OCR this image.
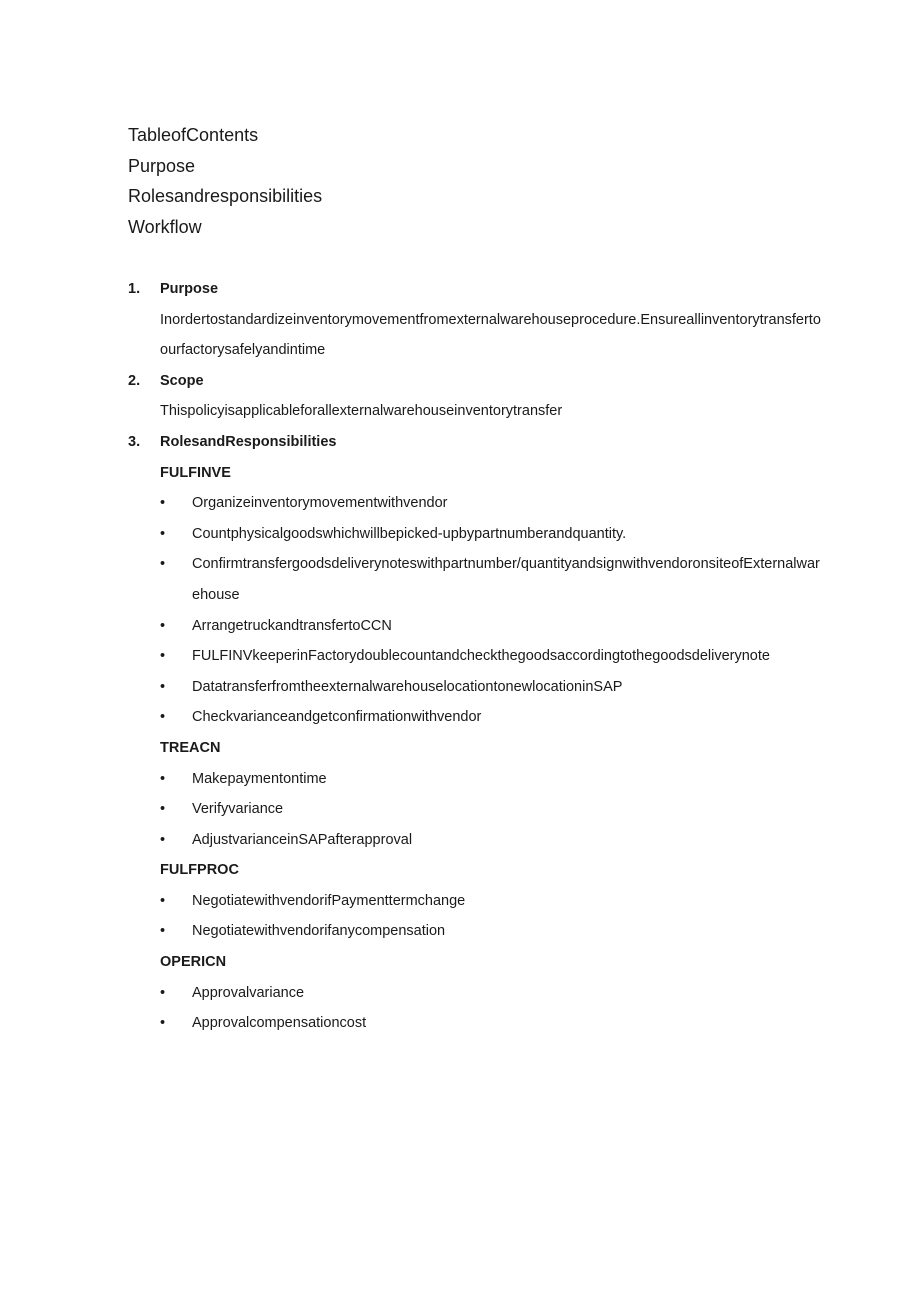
TableofContents
Purpose
Rolesandresponsibilities
Workflow
1. Purpose
Inordertostandardizeinventorymovementfromexternalwarehouseprocedure.Ensureallinventorytransferto
ourfactorysafelyandintime
2. Scope
Thispolicyisapplicableforallexternalwarehouseinventorytransfer
3. RolesandResponsibilities
FULFINVE
• Organizeinventorymovementwithvendor
• Countphysicalgoodswhichwillbepicked-upbypartnumberandquantity.
• Confirmtransfergoodsdeliverynoteswithpartnumber/quantityandsignwithvendoronsiteofExternalwar
ehouse
• ArrangetruckandtransfertoCCN
• FULFINVkeeperinFactorydoublecountandcheckthegoodsaccordingtothegoodsdeliverynote
• DatatransferfromtheexternalwarehouselocationtonewlocationinSAP
• Checkvarianceandgetconfirmationwithvendor
TREACN
• Makepaymentontime
• Verifyvariance
• AdjustvarianceinSAPafterapproval
FULFPROC
• NegotiatewithvendorifPaymenttermchange
• Negotiatewithvendorifanycompensation
OPERICN
• Approvalvariance
• Approvalcompensationcost
